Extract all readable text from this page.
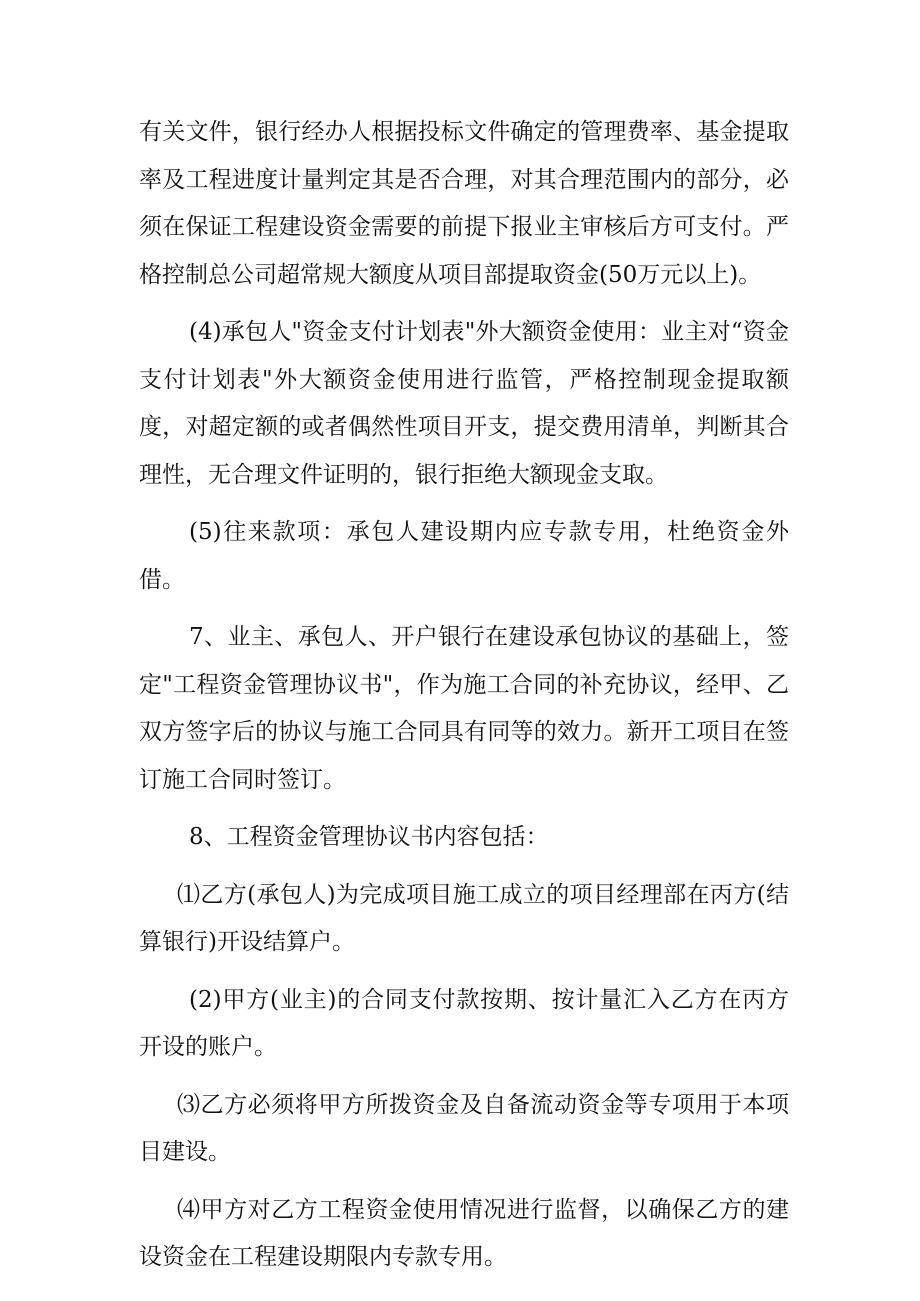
有关文件，银行经办人根据投标文件确定的管理费率、基金提取率及工程进度计量判定其是否合理，对其合理范围内的部分，必须在保证工程建设资金需要的前提下报业主审核后方可支付。严格控制总公司超常规大额度从项目部提取资金(50万元以上)。

(4)承包人"资金支付计划表"外大额资金使用：业主对“资金支付计划表"外大额资金使用进行监管，严格控制现金提取额度，对超定额的或者偶然性项目开支，提交费用清单，判断其合理性，无合理文件证明的，银行拒绝大额现金支取。

(5)往来款项：承包人建设期内应专款专用，杜绝资金外借。

7、业主、承包人、开户银行在建设承包协议的基础上，签定"工程资金管理协议书"，作为施工合同的补充协议，经甲、乙双方签字后的协议与施工合同具有同等的效力。新开工项目在签订施工合同时签订。

8、工程资金管理协议书内容包括：

⑴乙方(承包人)为完成项目施工成立的项目经理部在丙方(结算银行)开设结算户。

(2)甲方(业主)的合同支付款按期、按计量汇入乙方在丙方开设的账户。

⑶乙方必须将甲方所拨资金及自备流动资金等专项用于本项目建设。

⑷甲方对乙方工程资金使用情况进行监督，以确保乙方的建设资金在工程建设期限内专款专用。
